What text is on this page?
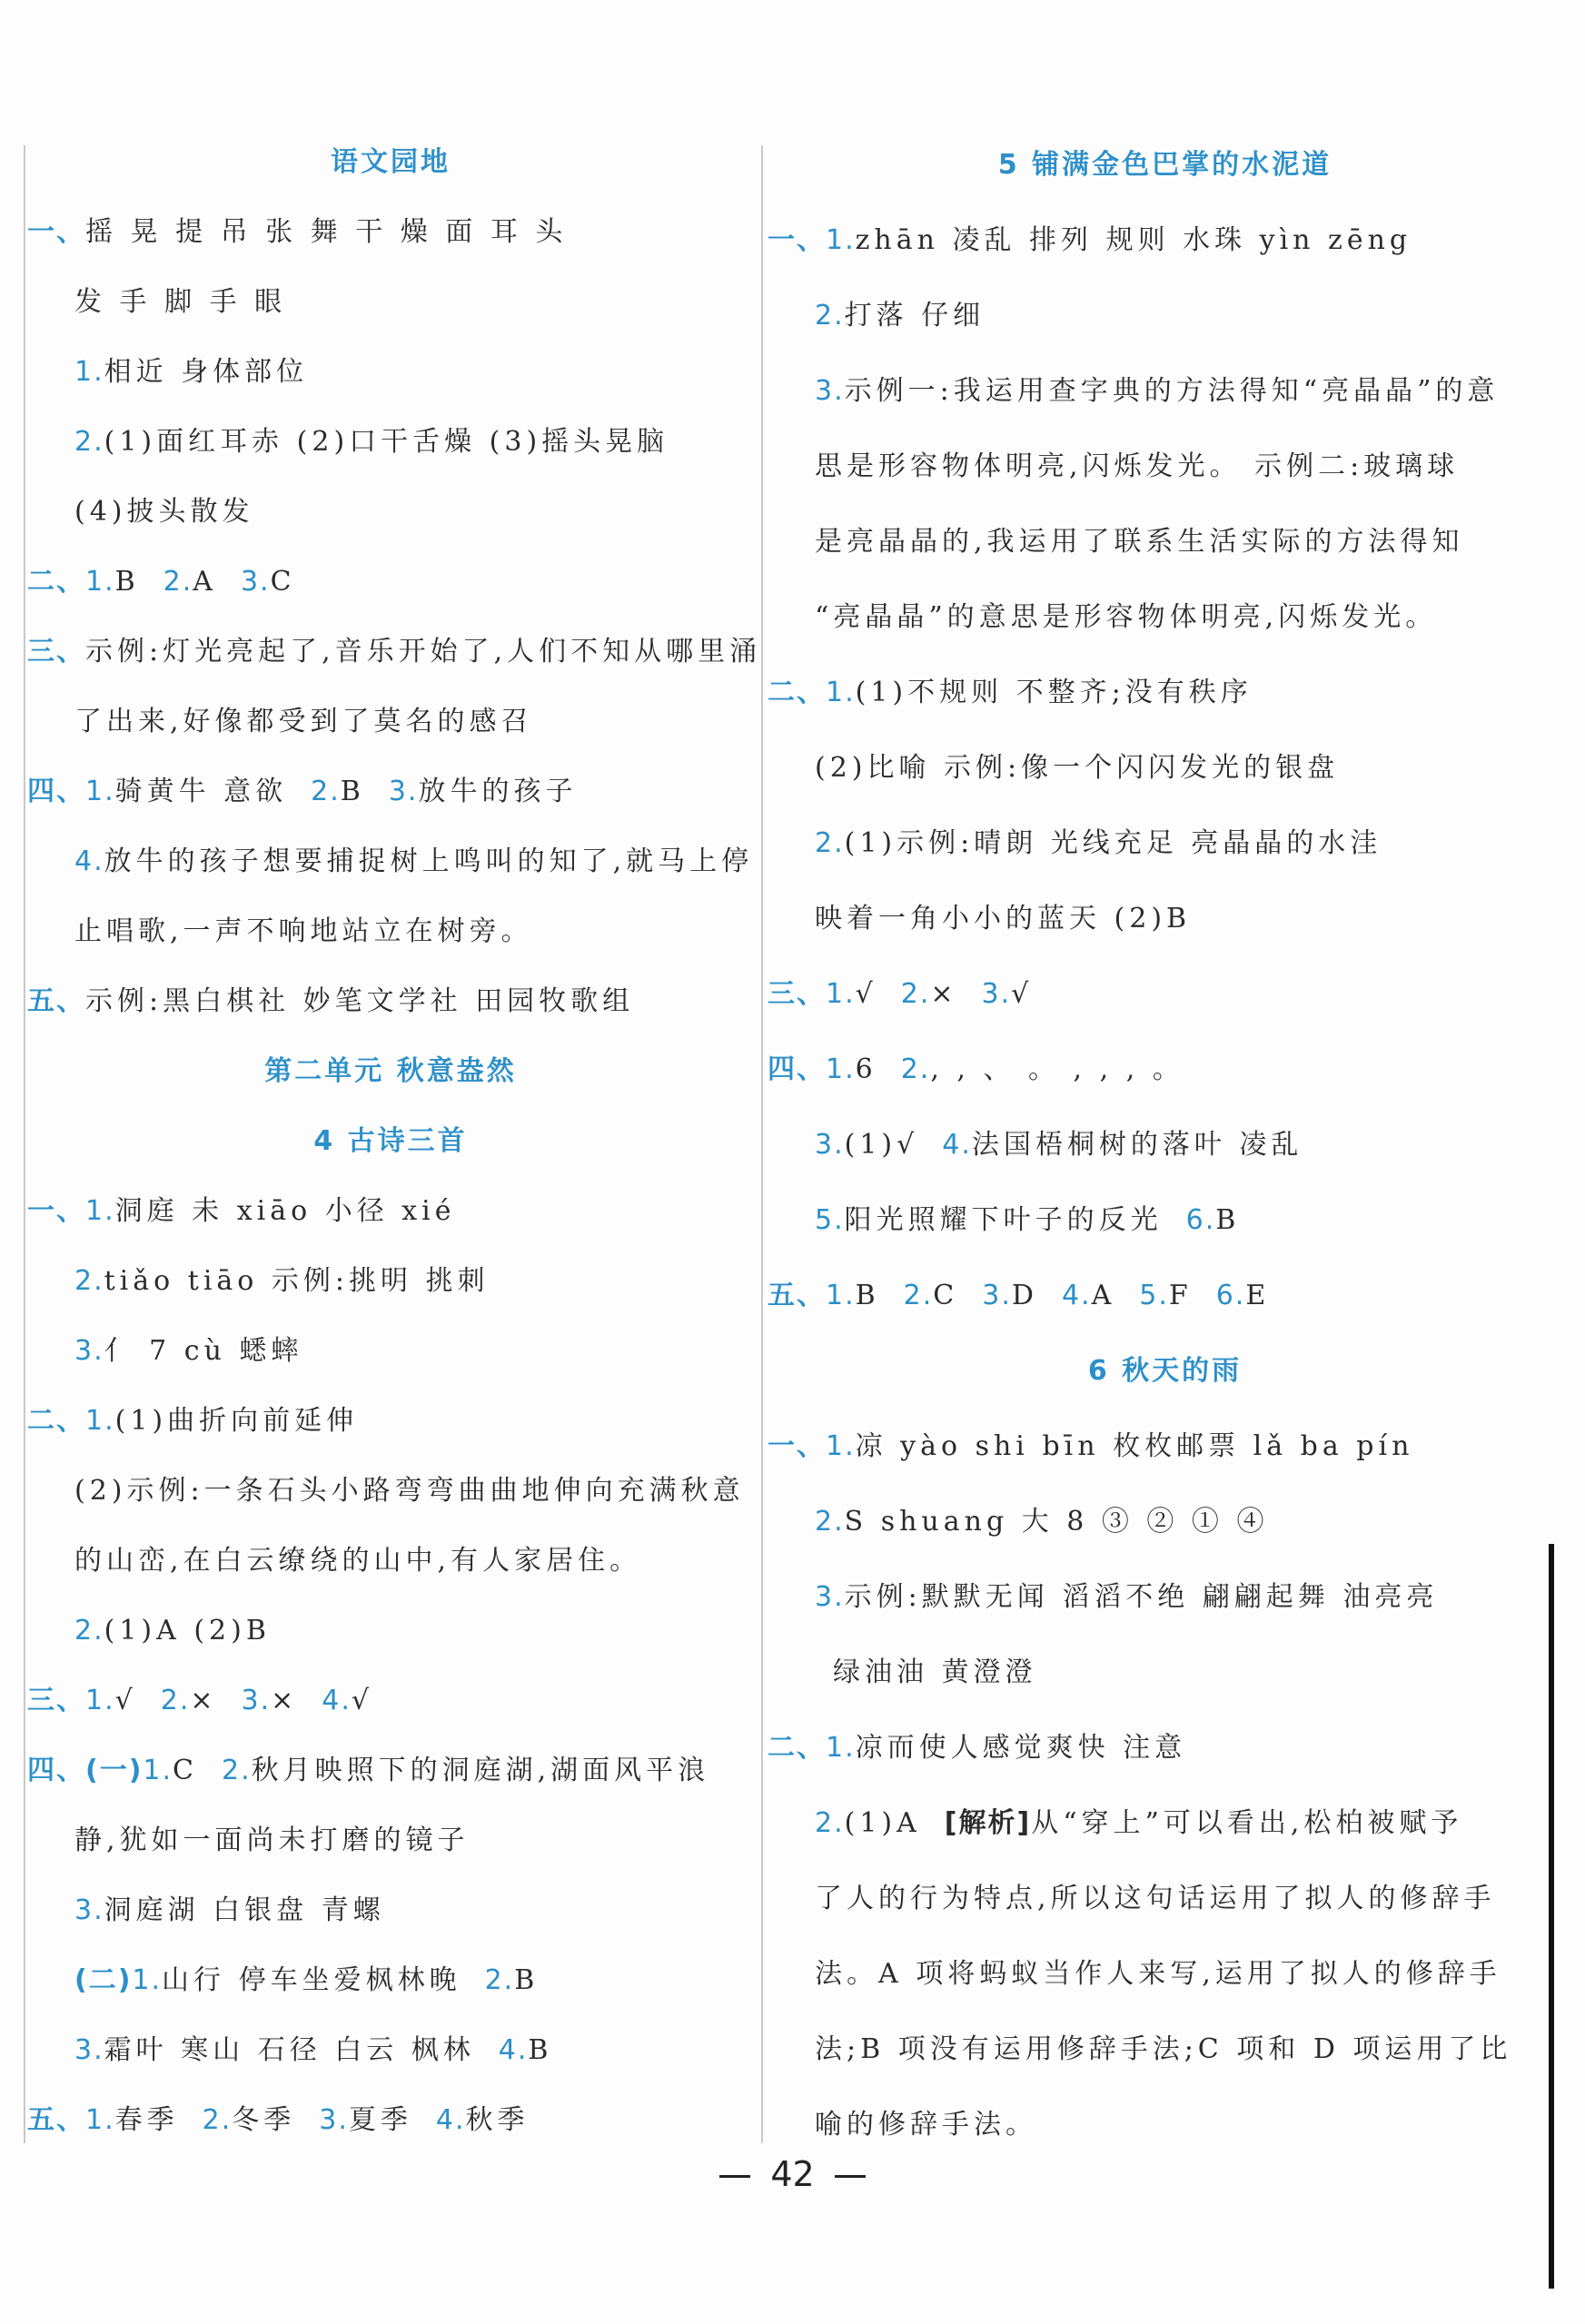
语文园地
一、摇 晃 提 吊 张 舞 干 燥 面 耳 头
发 手 脚 手 眼
1.相近 身体部位
2.(1)面红耳赤 (2)口干舌燥 (3)摇头晃脑
(4)披头散发
二、1.B 2.A 3.C
三、示例:灯光亮起了,音乐开始了,人们不知从哪里涌
了出来,好像都受到了莫名的感召
四、1.骑黄牛 意欲 2.B 3.放牛的孩子
4.放牛的孩子想要捕捉树上鸣叫的知了,就马上停
止唱歌,一声不响地站立在树旁。
五、示例:黑白棋社 妙笔文学社 田园牧歌组
第二单元 秋意盎然
4 古诗三首
一、1.洞庭 未 xiāo 小径 xié
2.tiǎo tiāo 示例:挑明 挑刺
3.亻 7 cù 蟋蟀
二、1.(1)曲折向前延伸
(2)示例:一条石头小路弯弯曲曲地伸向充满秋意
的山峦,在白云缭绕的山中,有人家居住。
2.(1)A (2)B
三、1.√ 2.× 3.× 4.√
四、(一)1.C 2.秋月映照下的洞庭湖,湖面风平浪
静,犹如一面尚未打磨的镜子
3.洞庭湖 白银盘 青螺
(二)1.山行 停车坐爱枫林晚 2.B
3.霜叶 寒山 石径 白云 枫林 4.B
五、1.春季 2.冬季 3.夏季 4.秋季
5 铺满金色巴掌的水泥道
一、1.zhān 凌乱 排列 规则 水珠 yìn zēng
2.打落 仔细
3.示例一:我运用查字典的方法得知“亮晶晶”的意
思是形容物体明亮,闪烁发光。 示例二:玻璃球
是亮晶晶的,我运用了联系生活实际的方法得知
“亮晶晶”的意思是形容物体明亮,闪烁发光。
二、1.(1)不规则 不整齐;没有秩序
(2)比喻 示例:像一个闪闪发光的银盘
2.(1)示例:晴朗 光线充足 亮晶晶的水洼
映着一角小小的蓝天 (2)B
三、1.√ 2.× 3.√
四、1.6 2., , 、 。 , , , 。
3.(1)√ 4.法国梧桐树的落叶 凌乱
5.阳光照耀下叶子的反光 6.B
五、1.B 2.C 3.D 4.A 5.F 6.E
6 秋天的雨
一、1.凉 yào shi bīn 枚枚邮票 lǎ ba pín
2.S shuang 大 8 ③ ② ① ④
3.示例:默默无闻 滔滔不绝 翩翩起舞 油亮亮
绿油油 黄澄澄
二、1.凉而使人感觉爽快 注意
2.(1)A [解析]从“穿上”可以看出,松柏被赋予
了人的行为特点,所以这句话运用了拟人的修辞手
法。A 项将蚂蚁当作人来写,运用了拟人的修辞手
法;B 项没有运用修辞手法;C 项和 D 项运用了比
喻的修辞手法。
42
